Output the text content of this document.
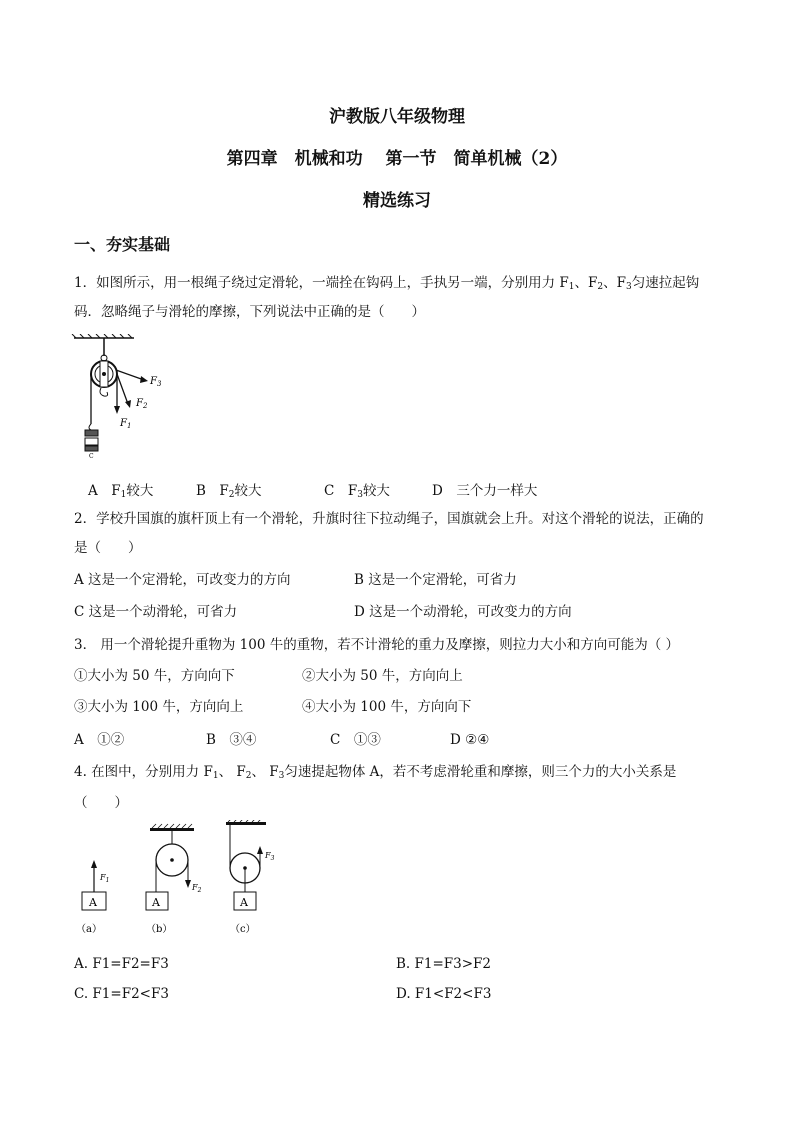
沪教版八年级物理
第四章　机械和功　 第一节　简单机械（2）
精选练习
一、夯实基础
1．如图所示，用一根绳子绕过定滑轮，一端拴在钩码上，手执另一端，分别用力 $F_1$、$F_2$、$F_3$匀速拉起钩
码．忽略绳子与滑轮的摩擦，下列说法中正确的是（　　）
C
$F_1$
$F_2$
$F_3$
A　$F_1$较大	B　$F_2$较大	C　$F_3$较大	D　三个力一样大
2．学校升国旗的旗杆顶上有一个滑轮，升旗时往下拉动绳子，国旗就会上升。对这个滑轮的说法，正确的
是（　　）
A 这是一个定滑轮，可改变力的方向	B 这是一个定滑轮，可省力
C 这是一个动滑轮，可省力	D 这是一个动滑轮，可改变力的方向
3． 用一个滑轮提升重物为 100 牛的重物，若不计滑轮的重力及摩擦，则拉力大小和方向可能为（ ）
①大小为 50 牛，方向向下	②大小为 50 牛，方向向上
③大小为 100 牛，方向向上	④大小为 100 牛，方向向下
A　①②	B　③④	C　①③	D ②④
4. 在图中，分别用力 $F_1$、 $F_2$、 $F_3$匀速提起物体 A，若不考虑滑轮重和摩擦，则三个力的大小关系是
（　　）
A
$F_1$
（a）
$F_2$
A
（b）
$F_3$
A
（c）
A. F1=F2=F3	B. F1=F3>F2
C. F1=F2<F3	D. F1<F2<F3
